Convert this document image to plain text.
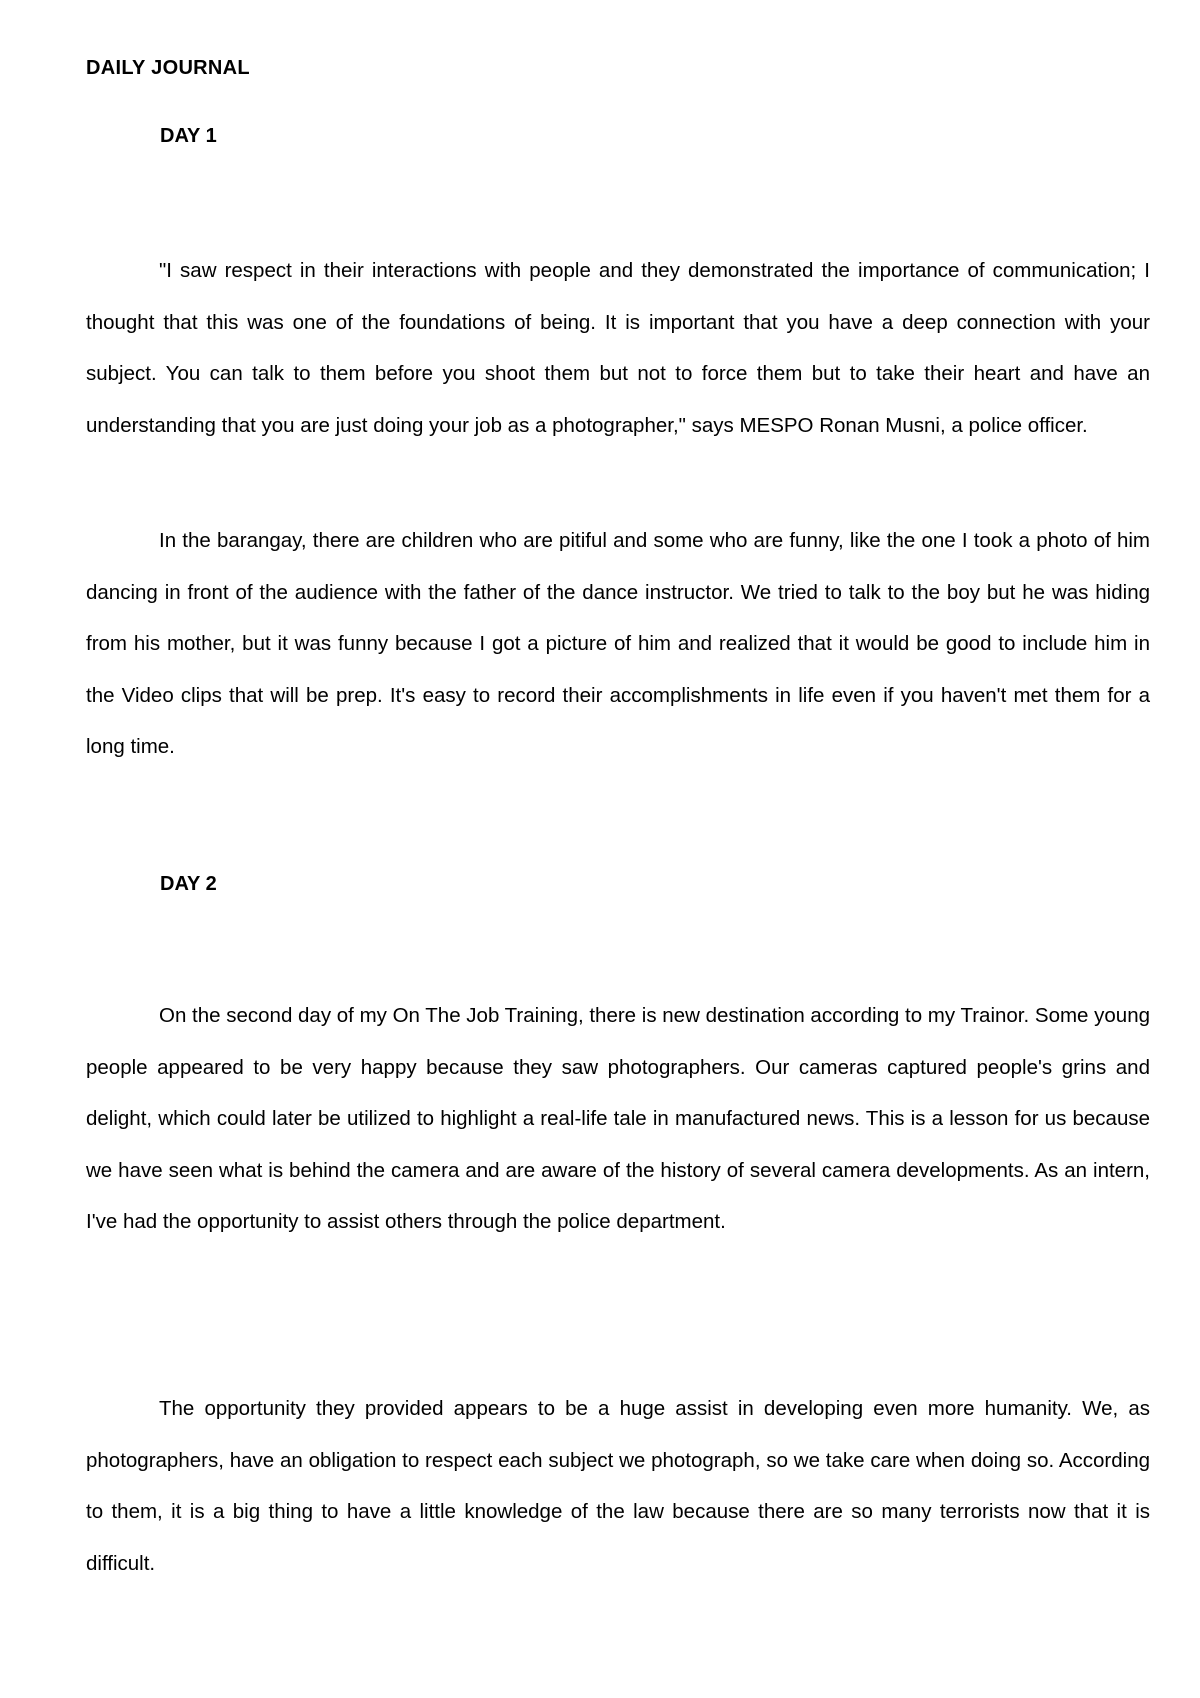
DAILY JOURNAL
DAY 1

"I saw respect in their interactions with people and they demonstrated the importance of communication; I thought that this was one of the foundations of being. It is important that you have a deep connection with your subject. You can talk to them before you shoot them but not to force them but to take their heart and have an understanding that you are just doing your job as a photographer," says MESPO Ronan Musni, a police officer.

In the barangay, there are children who are pitiful and some who are funny, like the one I took a photo of him dancing in front of the audience with the father of the dance instructor. We tried to talk to the boy but he was hiding from his mother, but it was funny because I got a picture of him and realized that it would be good to include him in the Video clips that will be prep. It's easy to record their accomplishments in life even if you haven't met them for a long time.

DAY 2

On the second day of my On The Job Training, there is new destination according to my Trainor. Some young people appeared to be very happy because they saw photographers. Our cameras captured people's grins and delight, which could later be utilized to highlight a real-life tale in manufactured news. This is a lesson for us because we have seen what is behind the camera and are aware of the history of several camera developments. As an intern, I've had the opportunity to assist others through the police department.

The opportunity they provided appears to be a huge assist in developing even more humanity. We, as photographers, have an obligation to respect each subject we photograph, so we take care when doing so. According to them, it is a big thing to have a little knowledge of the law because there are so many terrorists now that it is difficult.
